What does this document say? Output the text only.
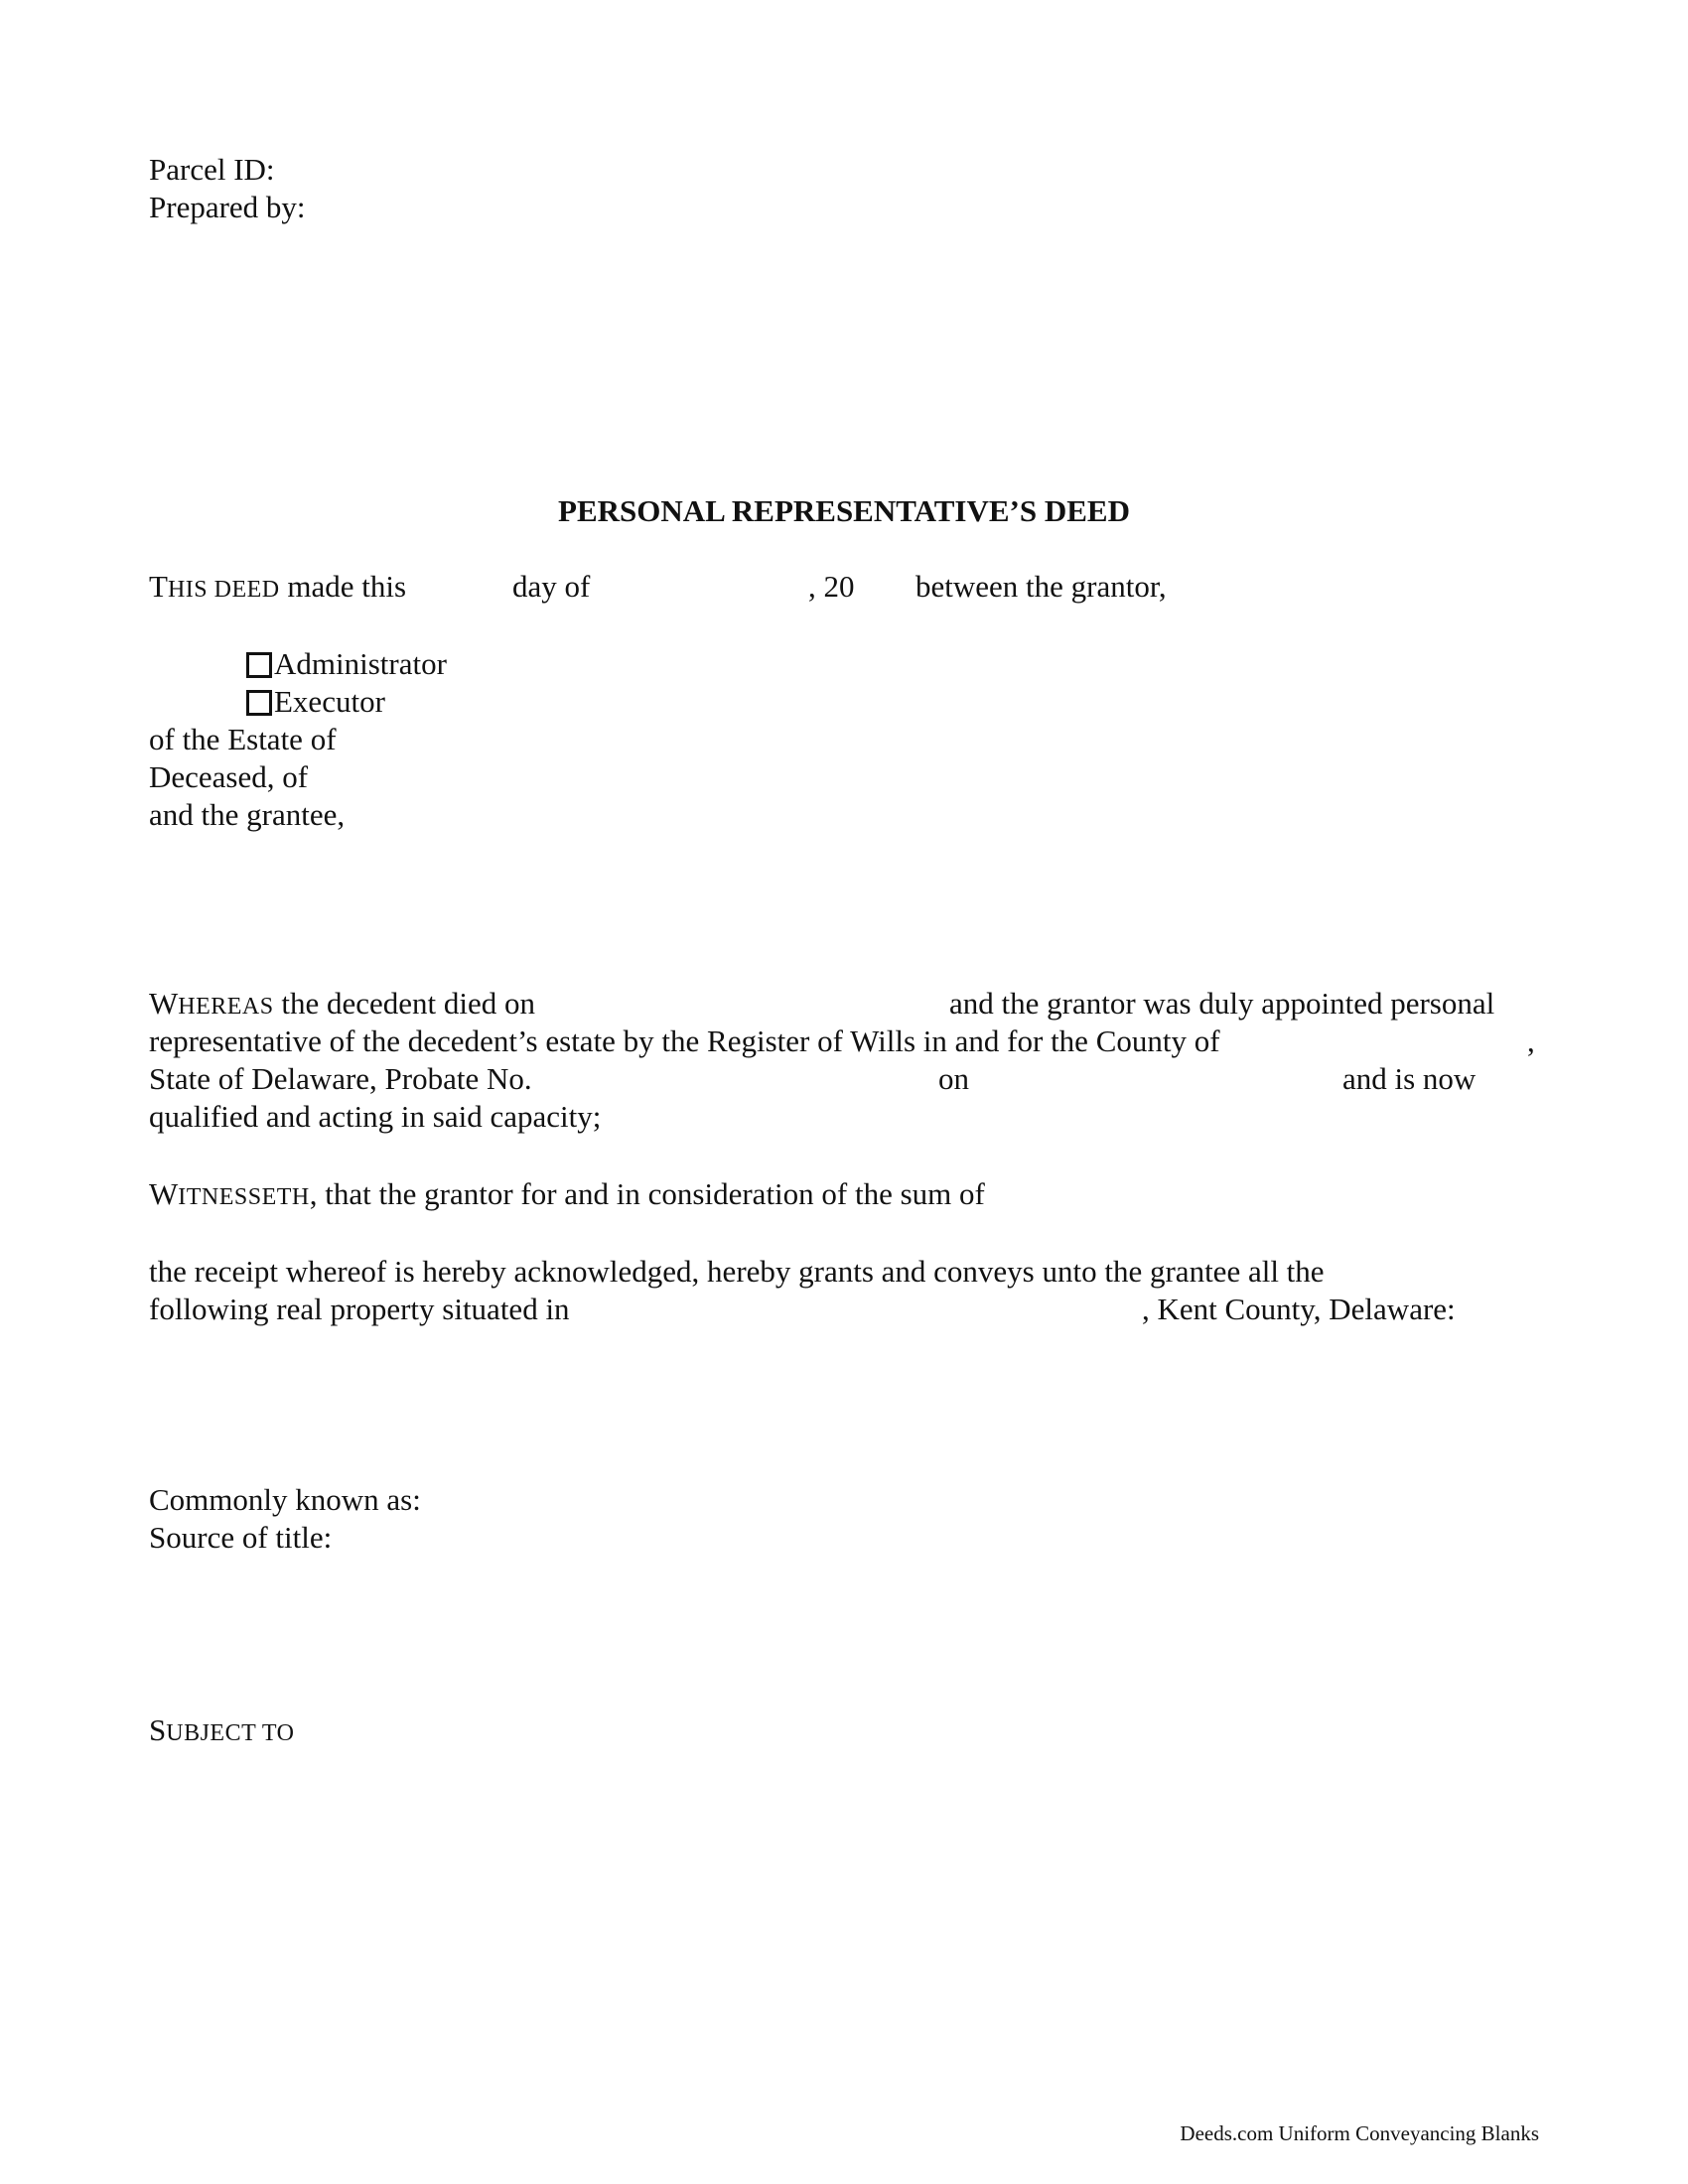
Parcel ID:
Prepared by:
PERSONAL REPRESENTATIVE’S DEED
THIS DEED made this	day of	, 20 between the grantor,
Administrator
Executor
of the Estate of
Deceased, of
and the grantee,
WHEREAS the decedent died on	and the grantor was duly appointed personal
representative of the decedent’s estate by the Register of Wills in and for the County of	,
State of Delaware, Probate No.	on	and is now
qualified and acting in said capacity;
WITNESSETH, that the grantor for and in consideration of the sum of
the receipt whereof is hereby acknowledged, hereby grants and conveys unto the grantee all the
following real property situated in	, Kent County, Delaware:
Commonly known as:
Source of title:
SUBJECT TO
Deeds.com Uniform Conveyancing Blanks
